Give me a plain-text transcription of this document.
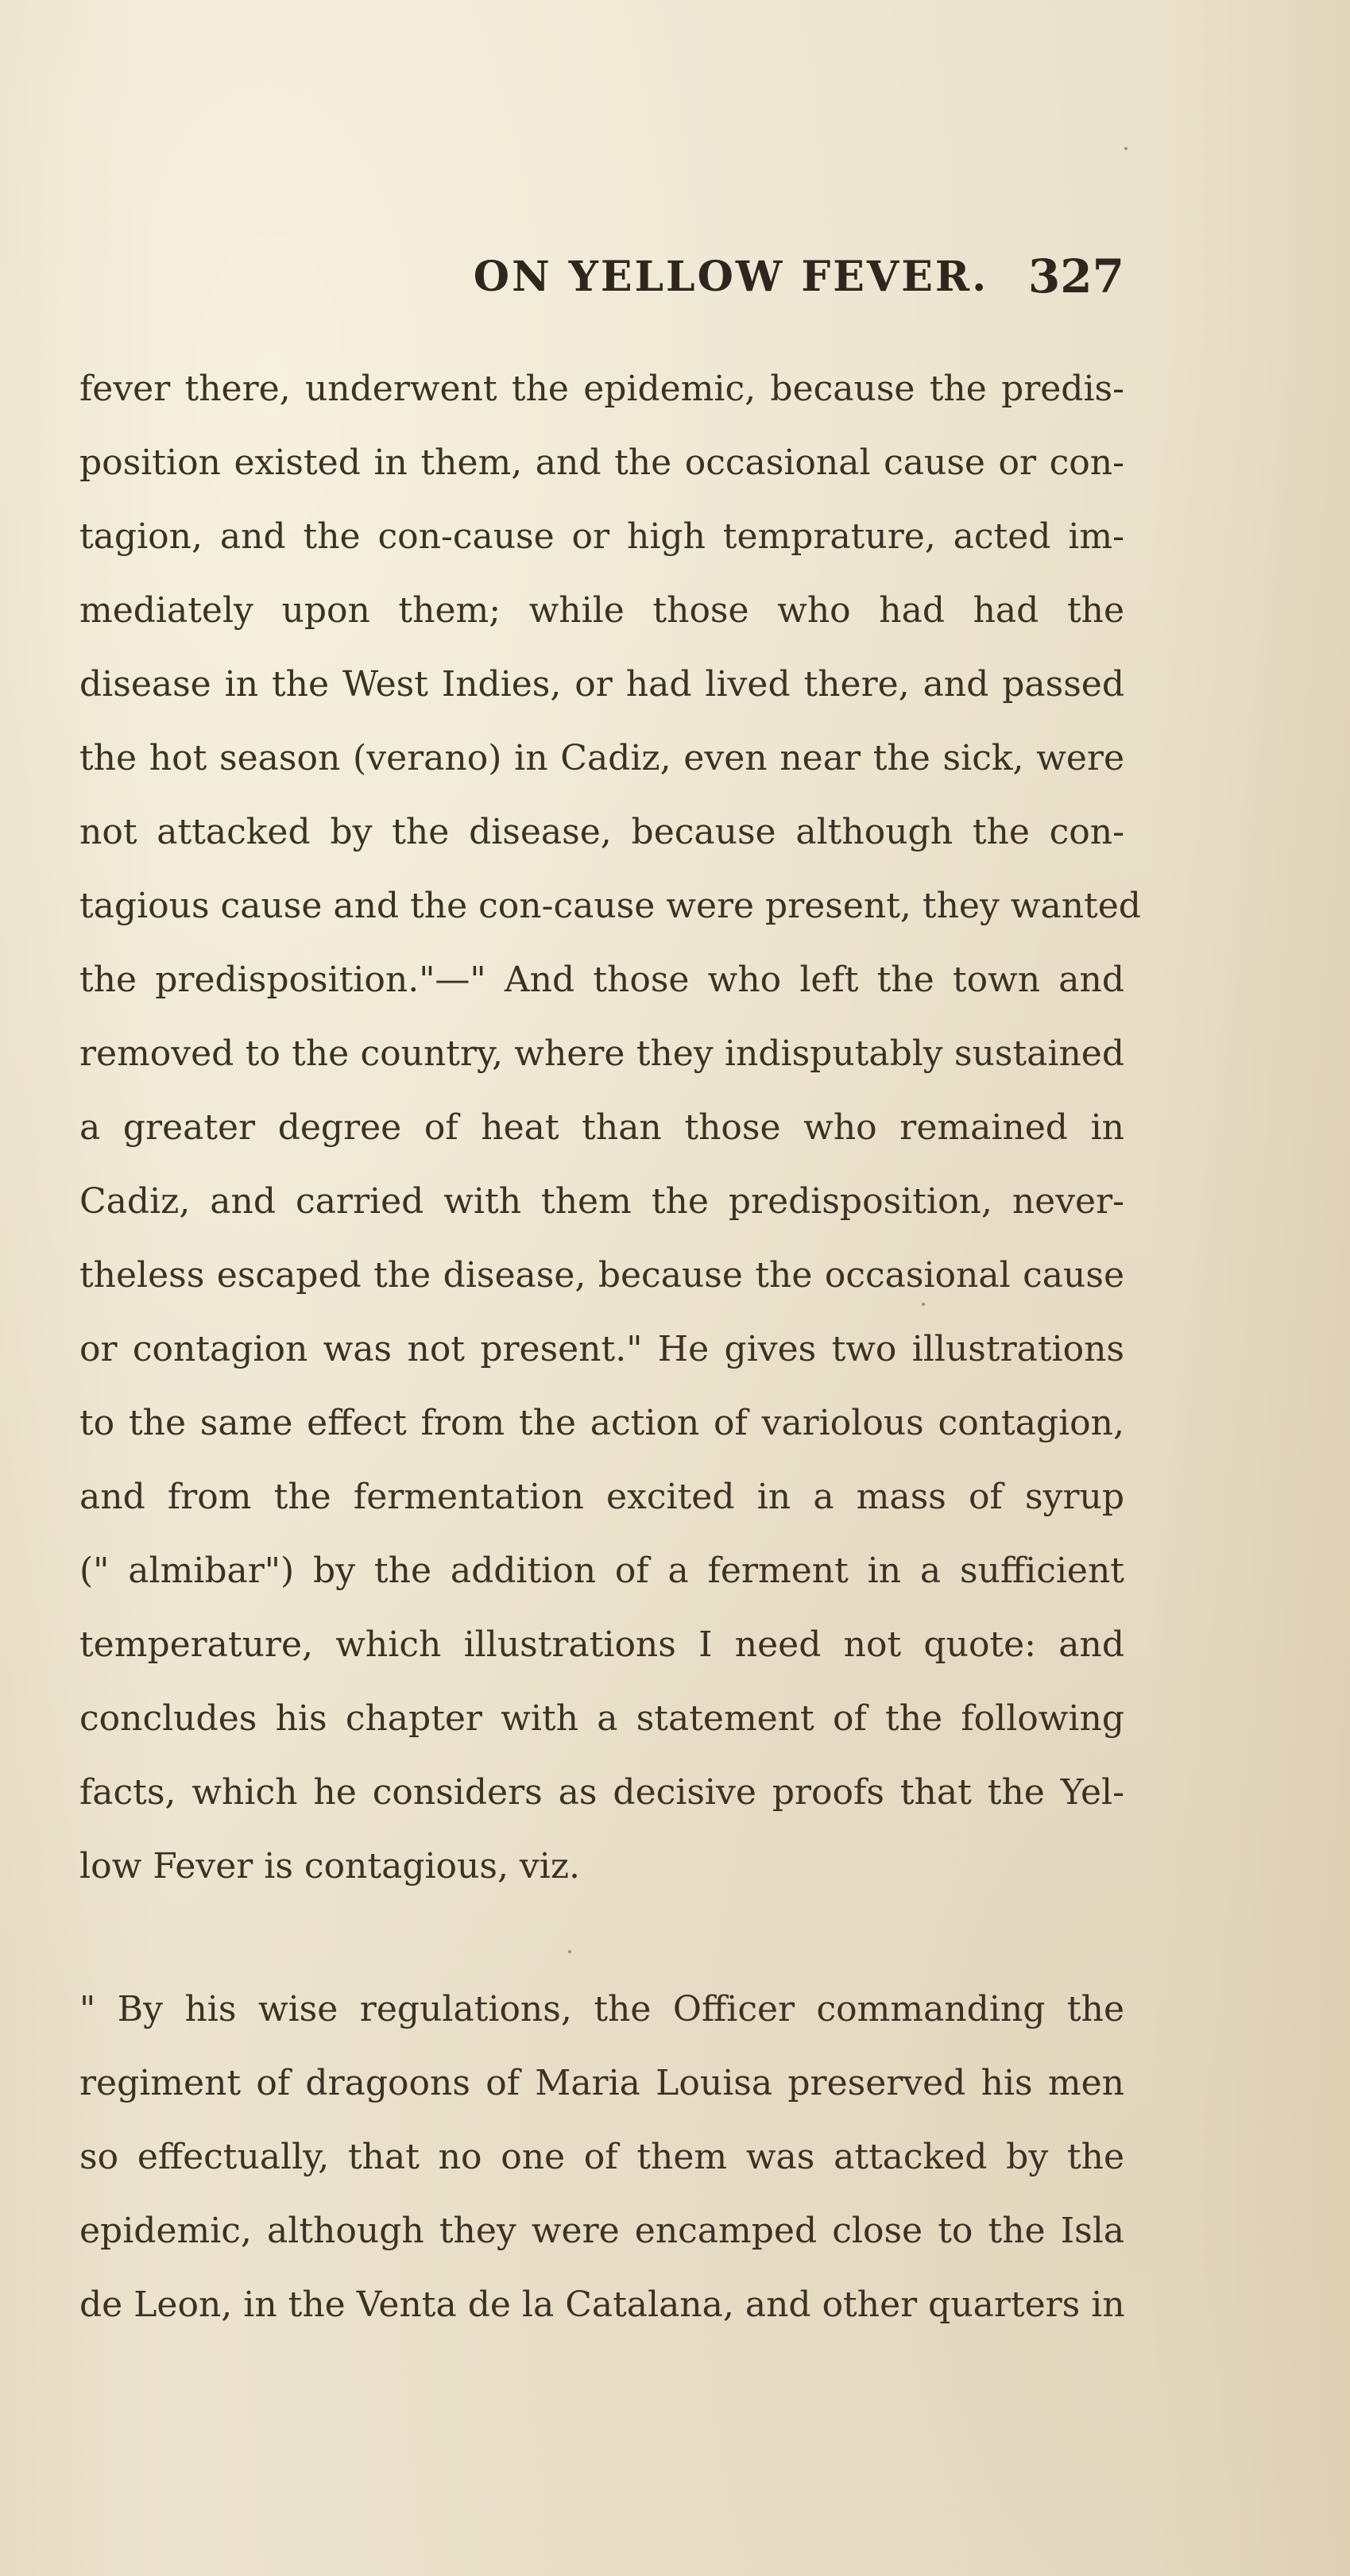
ON YELLOW FEVER. 327
fever there, underwent the epidemic, because the predis-
position existed in them, and the occasional cause or con-
tagion, and the con-cause or high temprature, acted im-
mediately upon them; while those who had had the
disease in the West Indies, or had lived there, and passed
the hot season (verano) in Cadiz, even near the sick, were
not attacked by the disease, because although the con-
tagious cause and the con-cause were present, they wanted
the predisposition."—" And those who left the town and
removed to the country, where they indisputably sustained
a greater degree of heat than those who remained in
Cadiz, and carried with them the predisposition, never-
theless escaped the disease, because the occasional cause
or contagion was not present." He gives two illustrations
to the same effect from the action of variolous contagion,
and from the fermentation excited in a mass of syrup
(" almibar") by the addition of a ferment in a sufficient
temperature, which illustrations I need not quote: and
concludes his chapter with a statement of the following
facts, which he considers as decisive proofs that the Yel-
low Fever is contagious, viz.
" By his wise regulations, the Officer commanding the
regiment of dragoons of Maria Louisa preserved his men
so effectually, that no one of them was attacked by the
epidemic, although they were encamped close to the Isla
de Leon, in the Venta de la Catalana, and other quarters in
